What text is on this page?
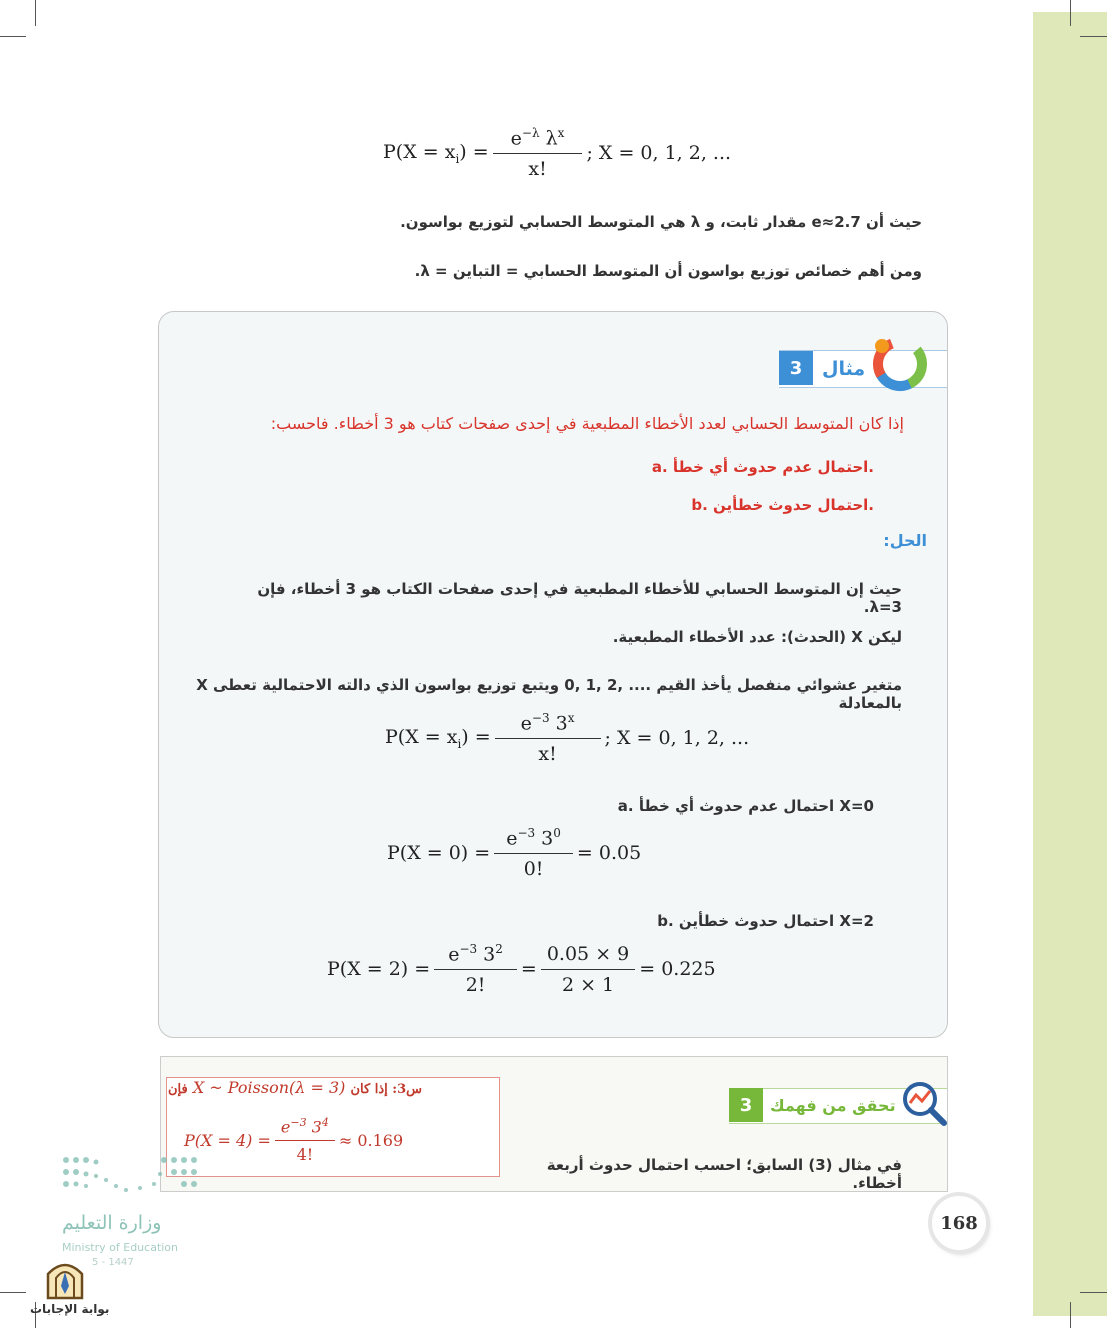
$P(X = x_i) = \frac{e^{-\lambda} \lambda^x}{x!}$ ; X = 0, 1, 2, ...
حيث أن e≈2.7 مقدار ثابت، و λ هي المتوسط الحسابي لتوزيع بواسون.
ومن أهم خصائص توزيع بواسون أن المتوسط الحسابي = التباين = λ.
3	مثال
إذا كان المتوسط الحسابي لعدد الأخطاء المطبعية في إحدى صفحات كتاب هو 3 أخطاء. فاحسب:
a. احتمال عدم حدوث أي خطأ.
b. احتمال حدوث خطأين.
الحل:
حيث إن المتوسط الحسابي للأخطاء المطبعية في إحدى صفحات الكتاب هو 3 أخطاء، فإن λ=3.
ليكن X (الحدث): عدد الأخطاء المطبعية.
X متغير عشوائي منفصل يأخذ القيم .... ,2 ,1 ,0 ويتبع توزيع بواسون الذي دالته الاحتمالية تعطى بالمعادلة
$P(X = x_i) = \frac{e^{-3} 3^x}{x!}$ ; X = 0, 1, 2, ...
a. احتمال عدم حدوث أي خطأ X=0
$P(X = 0) = \frac{e^{-3} 3^0}{0!} = 0.05$
b. احتمال حدوث خطأين X=2
$P(X = 2) = \frac{e^{-3} 3^2}{2!} = \frac{0.05 \times 9}{2 \times 1} = 0.225$
3	تحقق من فهمك
في مثال (3) السابق؛ احسب احتمال حدوث أربعة أخطاء.
فإن X ~ Poisson(λ = 3) س3: إذا كان
$P(X = 4) = \frac{e^{-3} 3^4}{4!} \approx 0.169$
168
وزارة التعليم
Ministry of Education
5 - 1447
بوابة الإجابات
